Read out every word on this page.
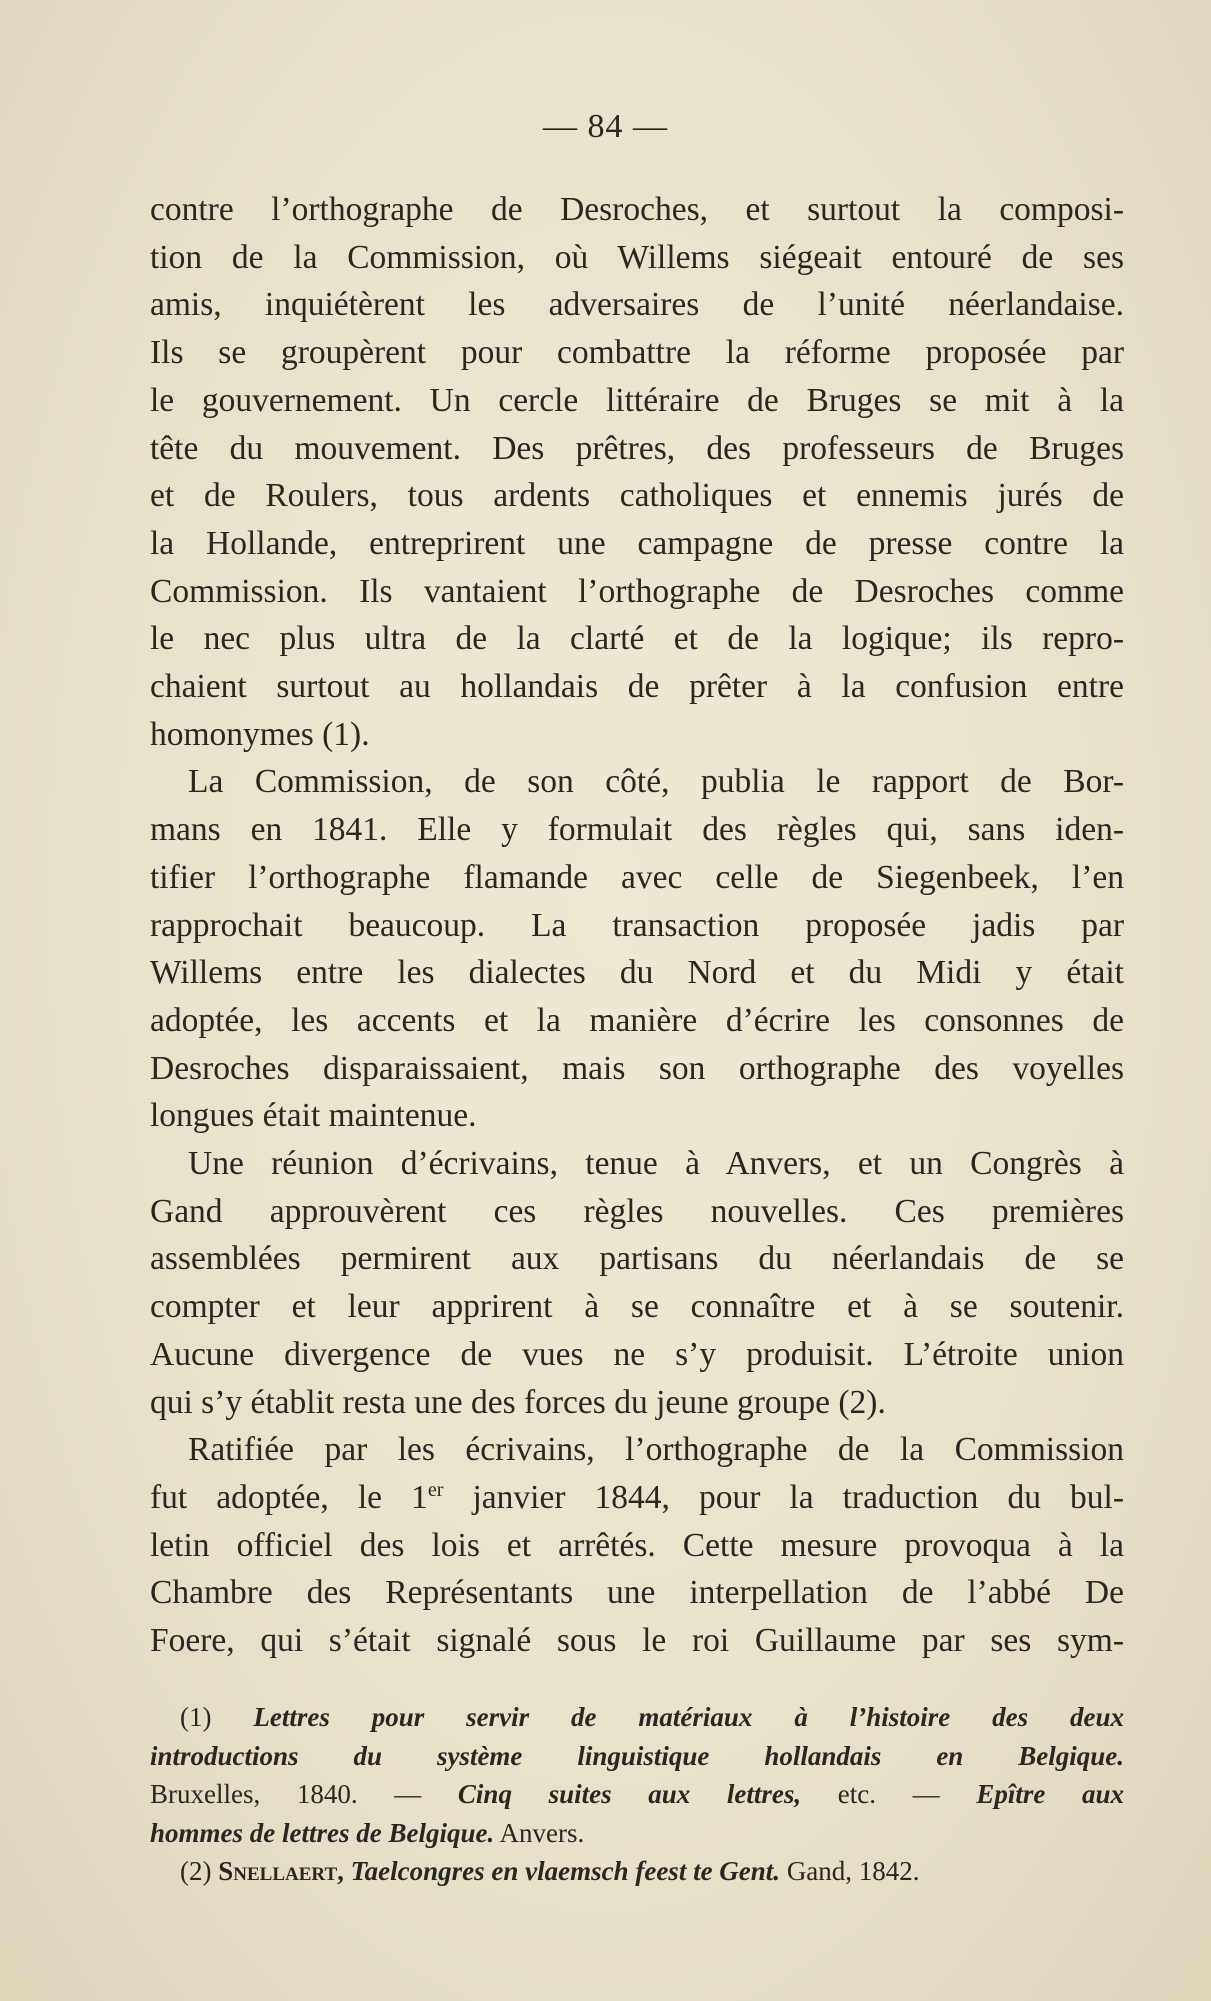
— 84 —
contre l’orthographe de Desroches, et surtout la composi-
tion de la Commission, où Willems siégeait entouré de ses
amis, inquiétèrent les adversaires de l’unité néerlandaise.
Ils se groupèrent pour combattre la réforme proposée par
le gouvernement. Un cercle littéraire de Bruges se mit à la
tête du mouvement. Des prêtres, des professeurs de Bruges
et de Roulers, tous ardents catholiques et ennemis jurés de
la Hollande, entreprirent une campagne de presse contre la
Commission. Ils vantaient l’orthographe de Desroches comme
le nec plus ultra de la clarté et de la logique; ils repro-
chaient surtout au hollandais de prêter à la confusion entre
homonymes (1).
La Commission, de son côté, publia le rapport de Bor-
mans en 1841. Elle y formulait des règles qui, sans iden-
tifier l’orthographe flamande avec celle de Siegenbeek, l’en
rapprochait beaucoup. La transaction proposée jadis par
Willems entre les dialectes du Nord et du Midi y était
adoptée, les accents et la manière d’écrire les consonnes de
Desroches disparaissaient, mais son orthographe des voyelles
longues était maintenue.
Une réunion d’écrivains, tenue à Anvers, et un Congrès à
Gand approuvèrent ces règles nouvelles. Ces premières
assemblées permirent aux partisans du néerlandais de se
compter et leur apprirent à se connaître et à se soutenir.
Aucune divergence de vues ne s’y produisit. L’étroite union
qui s’y établit resta une des forces du jeune groupe (2).
Ratifiée par les écrivains, l’orthographe de la Commission
fut adoptée, le 1er janvier 1844, pour la traduction du bul-
letin officiel des lois et arrêtés. Cette mesure provoqua à la
Chambre des Représentants une interpellation de l’abbé De
Foere, qui s’était signalé sous le roi Guillaume par ses sym-
(1) Lettres pour servir de matériaux à l’histoire des deux
introductions du système linguistique hollandais en Belgique.
Bruxelles, 1840. — Cinq suites aux lettres, etc. — Epître aux
hommes de lettres de Belgique. Anvers.
(2) Snellaert, Taelcongres en vlaemsch feest te Gent. Gand, 1842.
